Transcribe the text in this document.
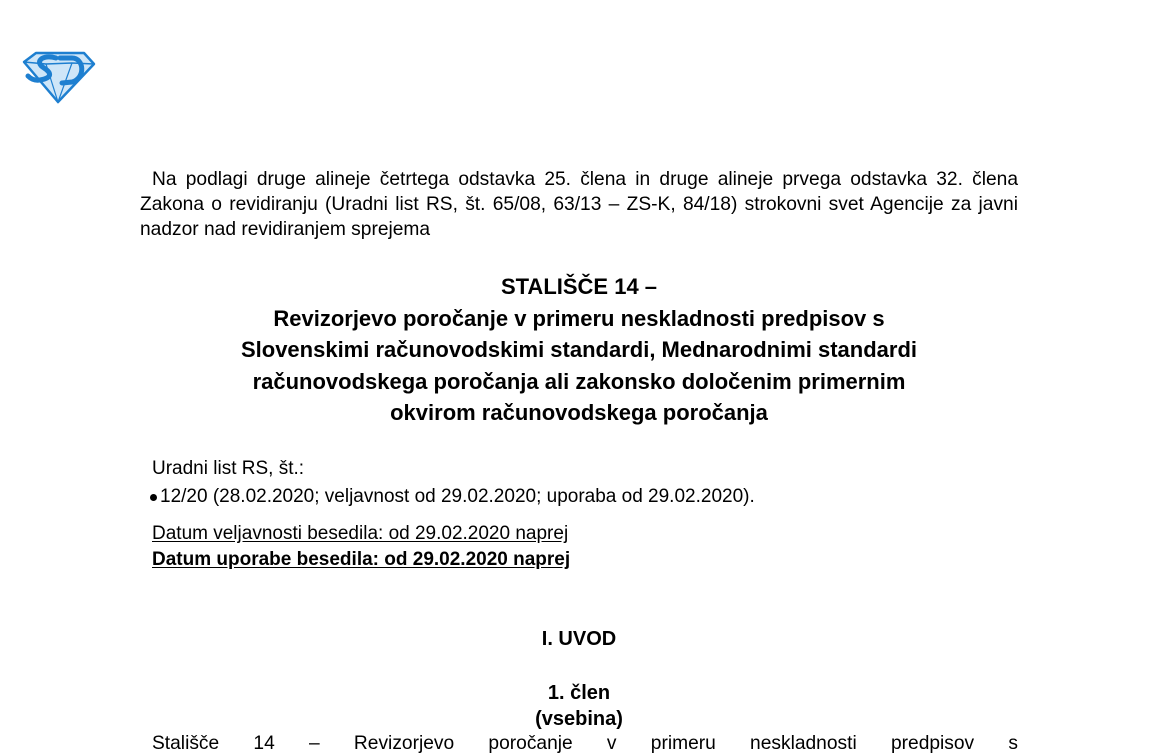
Na podlagi druge alineje četrtega odstavka 25. člena in druge alineje prvega odstavka 32. člena Zakona o revidiranju (Uradni list RS, št. 65/08, 63/13 – ZS-K, 84/18) strokovni svet Agencije za javni nadzor nad revidiranjem sprejema

STALIŠČE 14 –
Revizorjevo poročanje v primeru neskladnosti predpisov s
Slovenskimi računovodskimi standardi, Mednarodnimi standardi
računovodskega poročanja ali zakonsko določenim primernim
okvirom računovodskega poročanja
Uradni list RS, št.:
12/20 (28.02.2020; veljavnost od 29.02.2020; uporaba od 29.02.2020).
Datum veljavnosti besedila: od 29.02.2020 naprej
Datum uporabe besedila: od 29.02.2020 naprej
I. UVOD
1. člen
(vsebina)
Stališče 14 – Revizorjevo poročanje v primeru neskladnosti predpisov s
